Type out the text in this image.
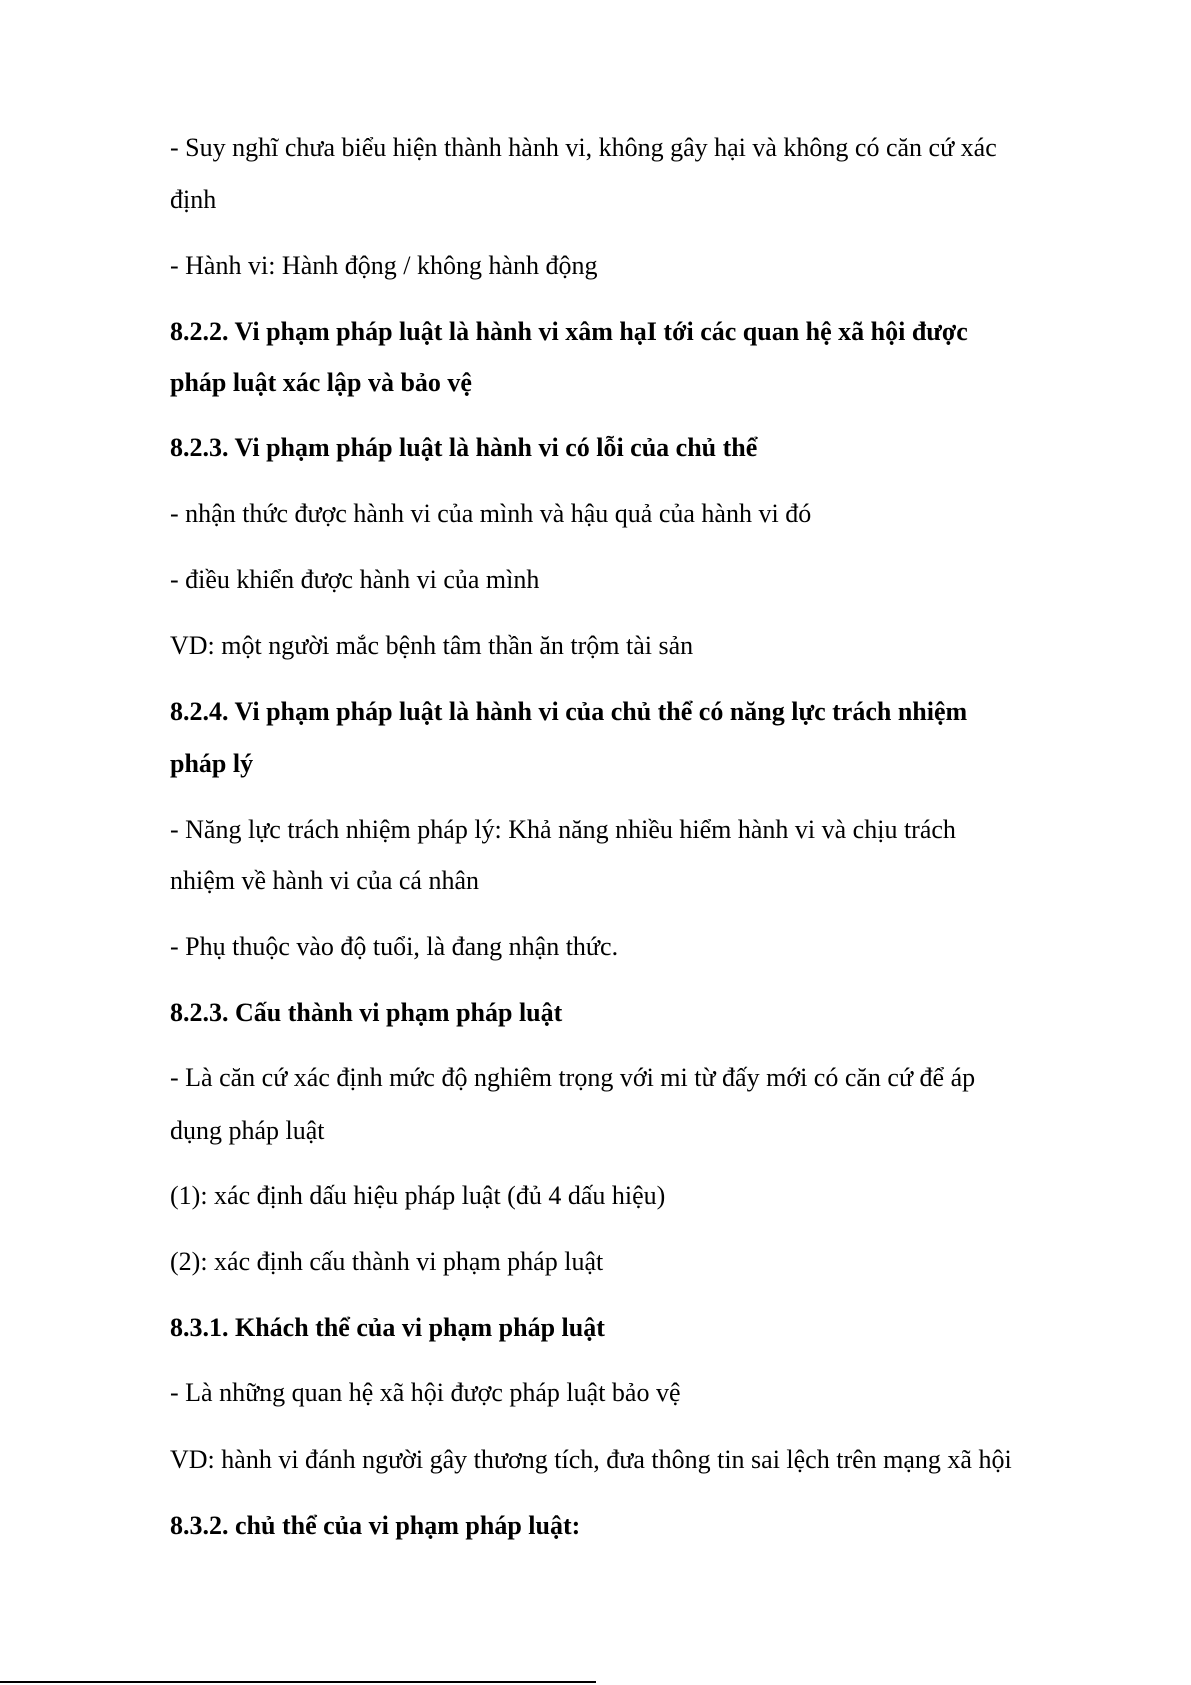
- Suy nghĩ chưa biểu hiện thành hành vi, không gây hại và không có căn cứ xác
định
- Hành vi: Hành động / không hành động
8.2.2. Vi phạm pháp luật là hành vi xâm hạI tới các quan hệ xã hội được
pháp luật xác lập và bảo vệ
8.2.3. Vi phạm pháp luật là hành vi có lỗi của chủ thể
- nhận thức được hành vi của mình và hậu quả của hành vi đó
- điều khiển được hành vi của mình
VD: một người mắc bệnh tâm thần ăn trộm tài sản
8.2.4. Vi phạm pháp luật là hành vi của chủ thể có năng lực trách nhiệm
pháp lý
- Năng lực trách nhiệm pháp lý: Khả năng nhiều hiểm hành vi và chịu trách
nhiệm về hành vi của cá nhân
- Phụ thuộc vào độ tuổi, là đang nhận thức.
8.2.3. Cấu thành vi phạm pháp luật
- Là căn cứ xác định mức độ nghiêm trọng với mi từ đấy mới có căn cứ để áp
dụng pháp luật
(1): xác định dấu hiệu pháp luật (đủ 4 dấu hiệu)
(2): xác định cấu thành vi phạm pháp luật
8.3.1. Khách thể của vi phạm pháp luật
- Là những quan hệ xã hội được pháp luật bảo vệ
VD: hành vi đánh người gây thương tích, đưa thông tin sai lệch trên mạng xã hội
8.3.2. chủ thể của vi phạm pháp luật:
